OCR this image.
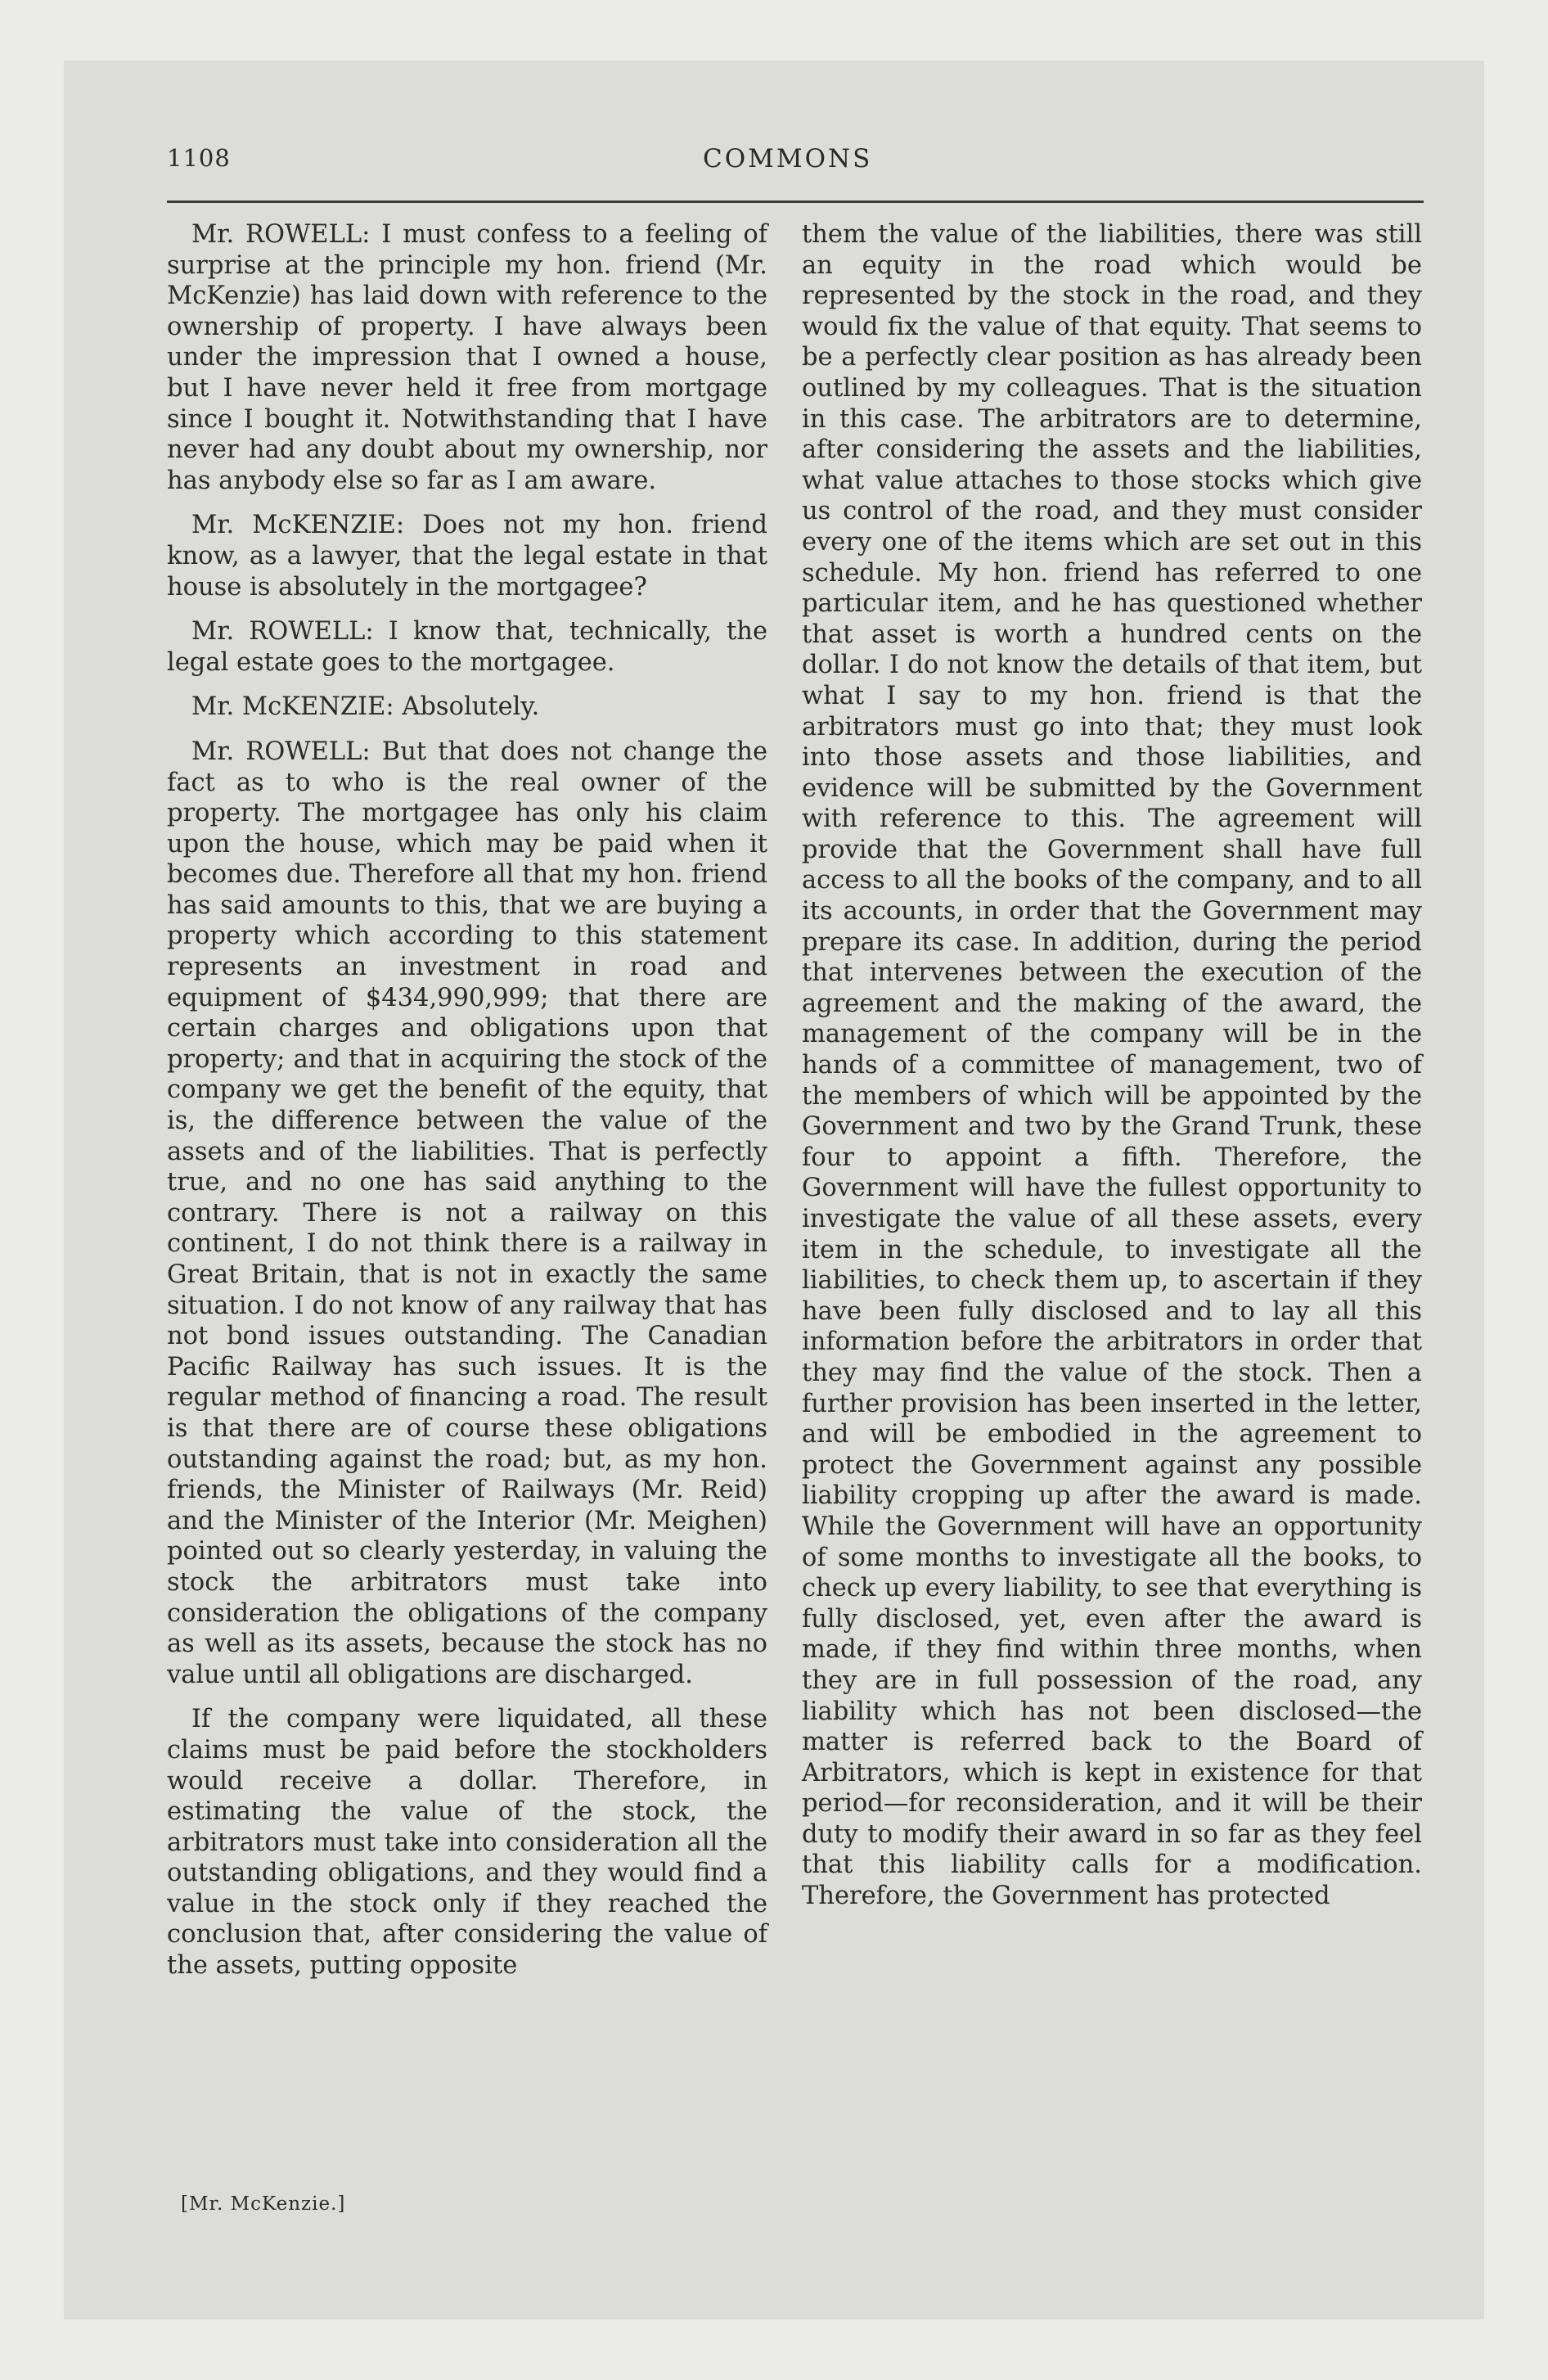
1108	COMMONS

Mr. ROWELL: I must confess to a feeling of surprise at the principle my hon. friend (Mr. McKenzie) has laid down with reference to the ownership of property. I have always been under the impression that I owned a house, but I have never held it free from mortgage since I bought it. Notwithstanding that I have never had any doubt about my ownership, nor has anybody else so far as I am aware.

Mr. McKENZIE: Does not my hon. friend know, as a lawyer, that the legal estate in that house is absolutely in the mortgagee?

Mr. ROWELL: I know that, technically, the legal estate goes to the mortgagee.

Mr. McKENZIE: Absolutely.

Mr. ROWELL: But that does not change the fact as to who is the real owner of the property. The mortgagee has only his claim upon the house, which may be paid when it becomes due. Therefore all that my hon. friend has said amounts to this, that we are buying a property which according to this statement represents an investment in road and equipment of $434,990,999; that there are certain charges and obligations upon that property; and that in acquiring the stock of the company we get the benefit of the equity, that is, the difference between the value of the assets and of the liabilities. That is perfectly true, and no one has said anything to the contrary. There is not a railway on this continent, I do not think there is a railway in Great Britain, that is not in exactly the same situation. I do not know of any railway that has not bond issues outstanding. The Canadian Pacific Railway has such issues. It is the regular method of financing a road. The result is that there are of course these obligations outstanding against the road; but, as my hon. friends, the Minister of Railways (Mr. Reid) and the Minister of the Interior (Mr. Meighen) pointed out so clearly yesterday, in valuing the stock the arbitrators must take into consideration the obligations of the company as well as its assets, because the stock has no value until all obligations are discharged.

If the company were liquidated, all these claims must be paid before the stockholders would receive a dollar. Therefore, in estimating the value of the stock, the arbitrators must take into consideration all the outstanding obligations, and they would find a value in the stock only if they reached the conclusion that, after considering the value of the assets, putting opposite

them the value of the liabilities, there was still an equity in the road which would be represented by the stock in the road, and they would fix the value of that equity. That seems to be a perfectly clear position as has already been outlined by my colleagues. That is the situation in this case. The arbitrators are to determine, after considering the assets and the liabilities, what value attaches to those stocks which give us control of the road, and they must consider every one of the items which are set out in this schedule. My hon. friend has referred to one particular item, and he has questioned whether that asset is worth a hundred cents on the dollar. I do not know the details of that item, but what I say to my hon. friend is that the arbitrators must go into that; they must look into those assets and those liabilities, and evidence will be submitted by the Government with reference to this. The agreement will provide that the Government shall have full access to all the books of the company, and to all its accounts, in order that the Government may prepare its case. In addition, during the period that intervenes between the execution of the agreement and the making of the award, the management of the company will be in the hands of a committee of management, two of the members of which will be appointed by the Government and two by the Grand Trunk, these four to appoint a fifth. Therefore, the Government will have the fullest opportunity to investigate the value of all these assets, every item in the schedule, to investigate all the liabilities, to check them up, to ascertain if they have been fully disclosed and to lay all this information before the arbitrators in order that they may find the value of the stock. Then a further provision has been inserted in the letter, and will be embodied in the agreement to protect the Government against any possible liability cropping up after the award is made. While the Government will have an opportunity of some months to investigate all the books, to check up every liability, to see that everything is fully disclosed, yet, even after the award is made, if they find within three months, when they are in full possession of the road, any liability which has not been disclosed—the matter is referred back to the Board of Arbitrators, which is kept in existence for that period—for reconsideration, and it will be their duty to modify their award in so far as they feel that this liability calls for a modification. Therefore, the Government has protected

[Mr. McKenzie.]
